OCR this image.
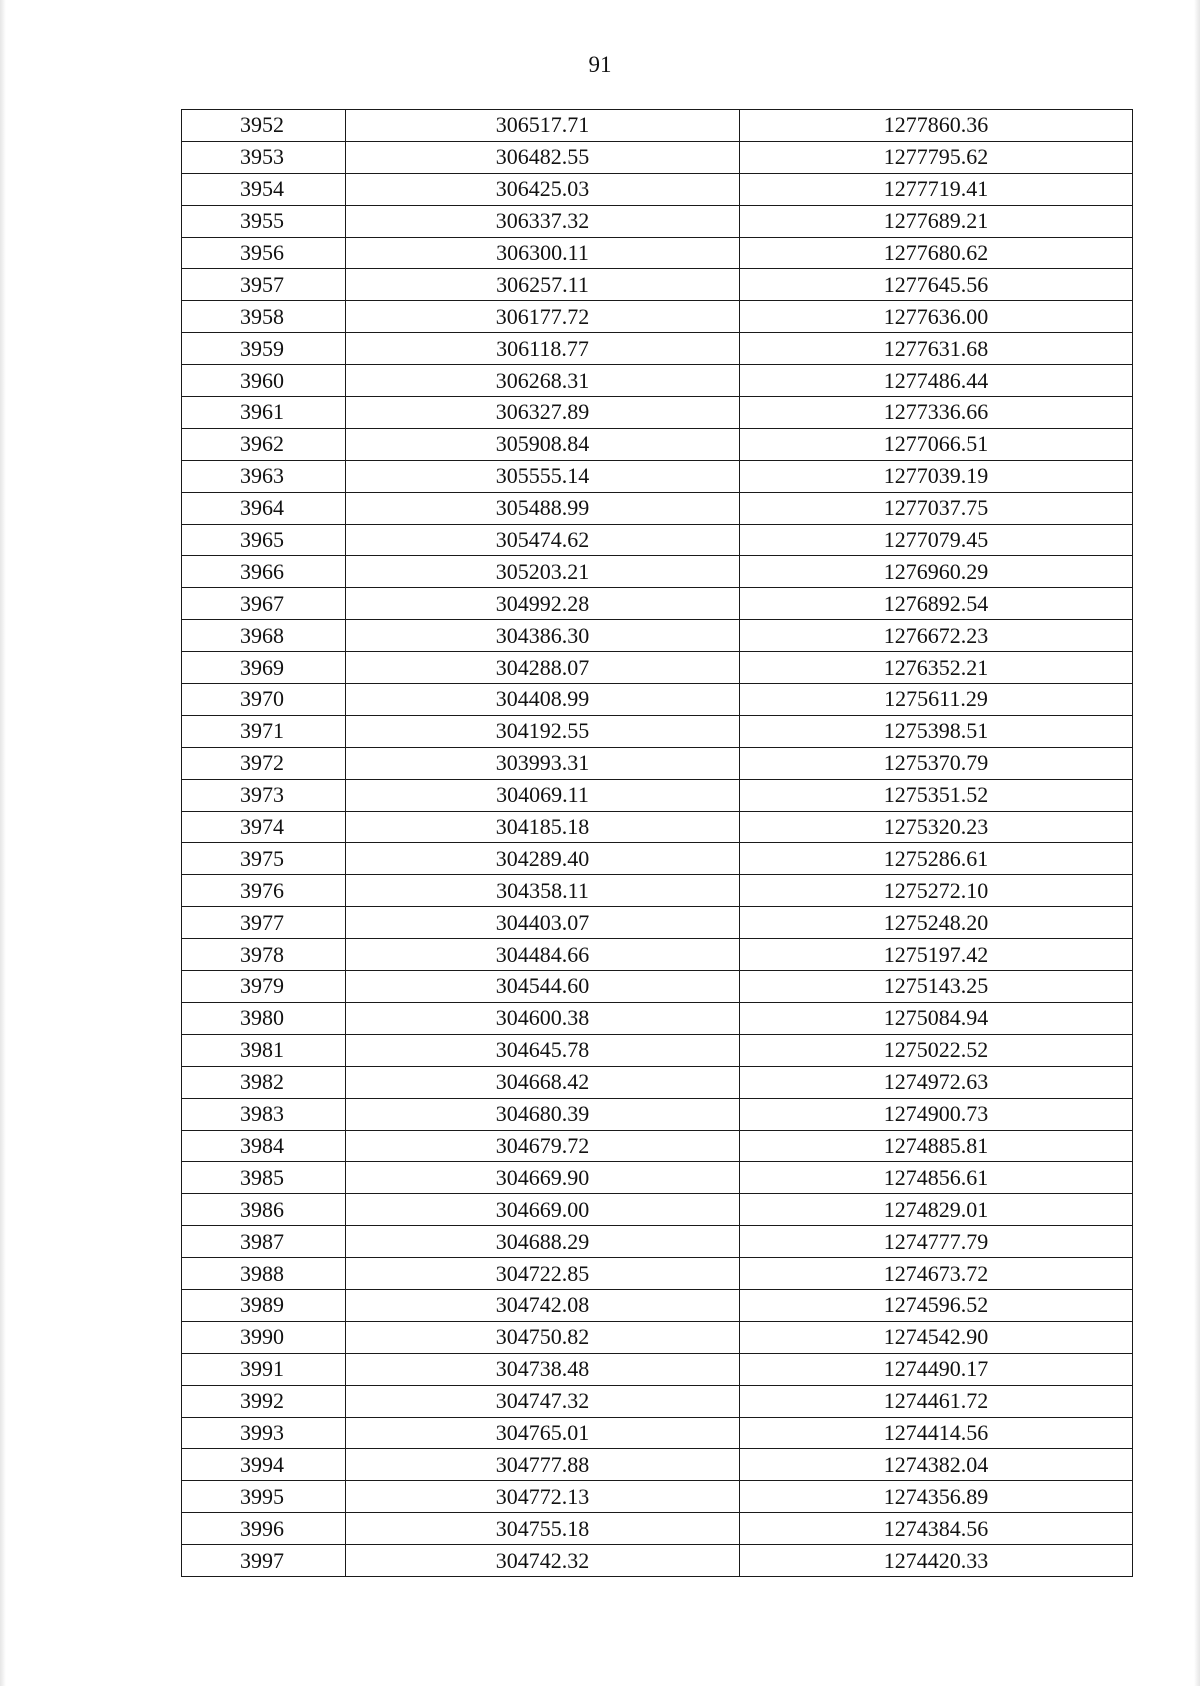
91
3952	306517.71	1277860.36
3953	306482.55	1277795.62
3954	306425.03	1277719.41
3955	306337.32	1277689.21
3956	306300.11	1277680.62
3957	306257.11	1277645.56
3958	306177.72	1277636.00
3959	306118.77	1277631.68
3960	306268.31	1277486.44
3961	306327.89	1277336.66
3962	305908.84	1277066.51
3963	305555.14	1277039.19
3964	305488.99	1277037.75
3965	305474.62	1277079.45
3966	305203.21	1276960.29
3967	304992.28	1276892.54
3968	304386.30	1276672.23
3969	304288.07	1276352.21
3970	304408.99	1275611.29
3971	304192.55	1275398.51
3972	303993.31	1275370.79
3973	304069.11	1275351.52
3974	304185.18	1275320.23
3975	304289.40	1275286.61
3976	304358.11	1275272.10
3977	304403.07	1275248.20
3978	304484.66	1275197.42
3979	304544.60	1275143.25
3980	304600.38	1275084.94
3981	304645.78	1275022.52
3982	304668.42	1274972.63
3983	304680.39	1274900.73
3984	304679.72	1274885.81
3985	304669.90	1274856.61
3986	304669.00	1274829.01
3987	304688.29	1274777.79
3988	304722.85	1274673.72
3989	304742.08	1274596.52
3990	304750.82	1274542.90
3991	304738.48	1274490.17
3992	304747.32	1274461.72
3993	304765.01	1274414.56
3994	304777.88	1274382.04
3995	304772.13	1274356.89
3996	304755.18	1274384.56
3997	304742.32	1274420.33
